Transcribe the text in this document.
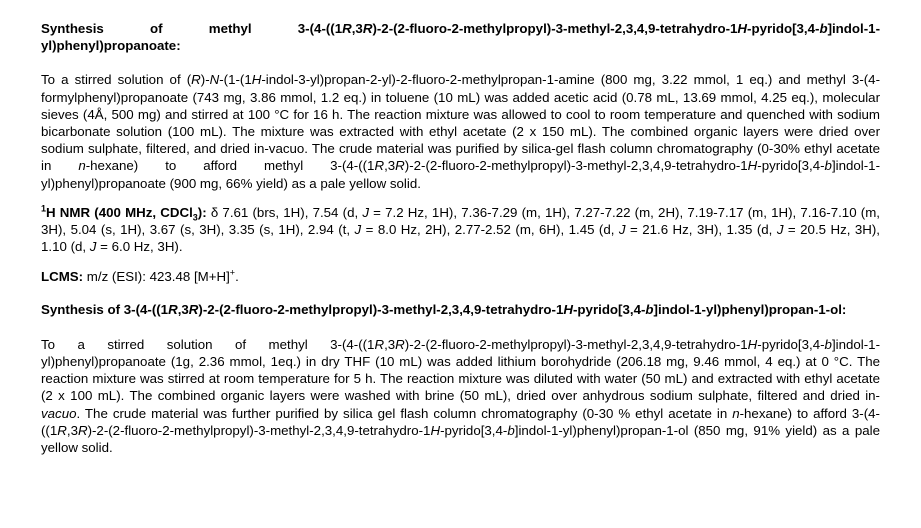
Synthesis of methyl 3-(4-((1R,3R)-2-(2-fluoro-2-methylpropyl)-3-methyl-2,3,4,9-tetrahydro-1H-pyrido[3,4-b]indol-1-yl)phenyl)propanoate:

To a stirred solution of (R)-N-(1-(1H-indol-3-yl)propan-2-yl)-2-fluoro-2-methylpropan-1-amine (800 mg, 3.22 mmol, 1 eq.) and methyl 3-(4-formylphenyl)propanoate (743 mg, 3.86 mmol, 1.2 eq.) in toluene (10 mL) was added acetic acid (0.78 mL, 13.69 mmol, 4.25 eq.), molecular sieves (4Å, 500 mg) and stirred at 100 °C for 16 h. The reaction mixture was allowed to cool to room temperature and quenched with sodium bicarbonate solution (100 mL). The mixture was extracted with ethyl acetate (2 x 150 mL). The combined organic layers were dried over sodium sulphate, filtered, and dried in-vacuo. The crude material was purified by silica-gel flash column chromatography (0-30% ethyl acetate in n-hexane) to afford methyl 3-(4-((1R,3R)-2-(2-fluoro-2-methylpropyl)-3-methyl-2,3,4,9-tetrahydro-1H-pyrido[3,4-b]indol-1-yl)phenyl)propanoate (900 mg, 66% yield) as a pale yellow solid.

$^1$H NMR (400 MHz, CDCl$_3$): δ 7.61 (brs, 1H), 7.54 (d, J = 7.2 Hz, 1H), 7.36-7.29 (m, 1H), 7.27-7.22 (m, 2H), 7.19-7.17 (m, 1H), 7.16-7.10 (m, 3H), 5.04 (s, 1H), 3.67 (s, 3H), 3.35 (s, 1H), 2.94 (t, J = 8.0 Hz, 2H), 2.77-2.52 (m, 6H), 1.45 (d, J = 21.6 Hz, 3H), 1.35 (d, J = 20.5 Hz, 3H), 1.10 (d, J = 6.0 Hz, 3H).

LCMS: m/z (ESI): 423.48 [M+H]+.

Synthesis of 3-(4-((1R,3R)-2-(2-fluoro-2-methylpropyl)-3-methyl-2,3,4,9-tetrahydro-1H-pyrido[3,4-b]indol-1-yl)phenyl)propan-1-ol:

To a stirred solution of methyl 3-(4-((1R,3R)-2-(2-fluoro-2-methylpropyl)-3-methyl-2,3,4,9-tetrahydro-1H-pyrido[3,4-b]indol-1-yl)phenyl)propanoate (1g, 2.36 mmol, 1eq.) in dry THF (10 mL) was added lithium borohydride (206.18 mg, 9.46 mmol, 4 eq.) at 0 °C. The reaction mixture was stirred at room temperature for 5 h. The reaction mixture was diluted with water (50 mL) and extracted with ethyl acetate (2 x 100 mL). The combined organic layers were washed with brine (50 mL), dried over anhydrous sodium sulphate, filtered and dried in-vacuo. The crude material was further purified by silica gel flash column chromatography (0-30 % ethyl acetate in n-hexane) to afford 3-(4-((1R,3R)-2-(2-fluoro-2-methylpropyl)-3-methyl-2,3,4,9-tetrahydro-1H-pyrido[3,4-b]indol-1-yl)phenyl)propan-1-ol (850 mg, 91% yield) as a pale yellow solid.
